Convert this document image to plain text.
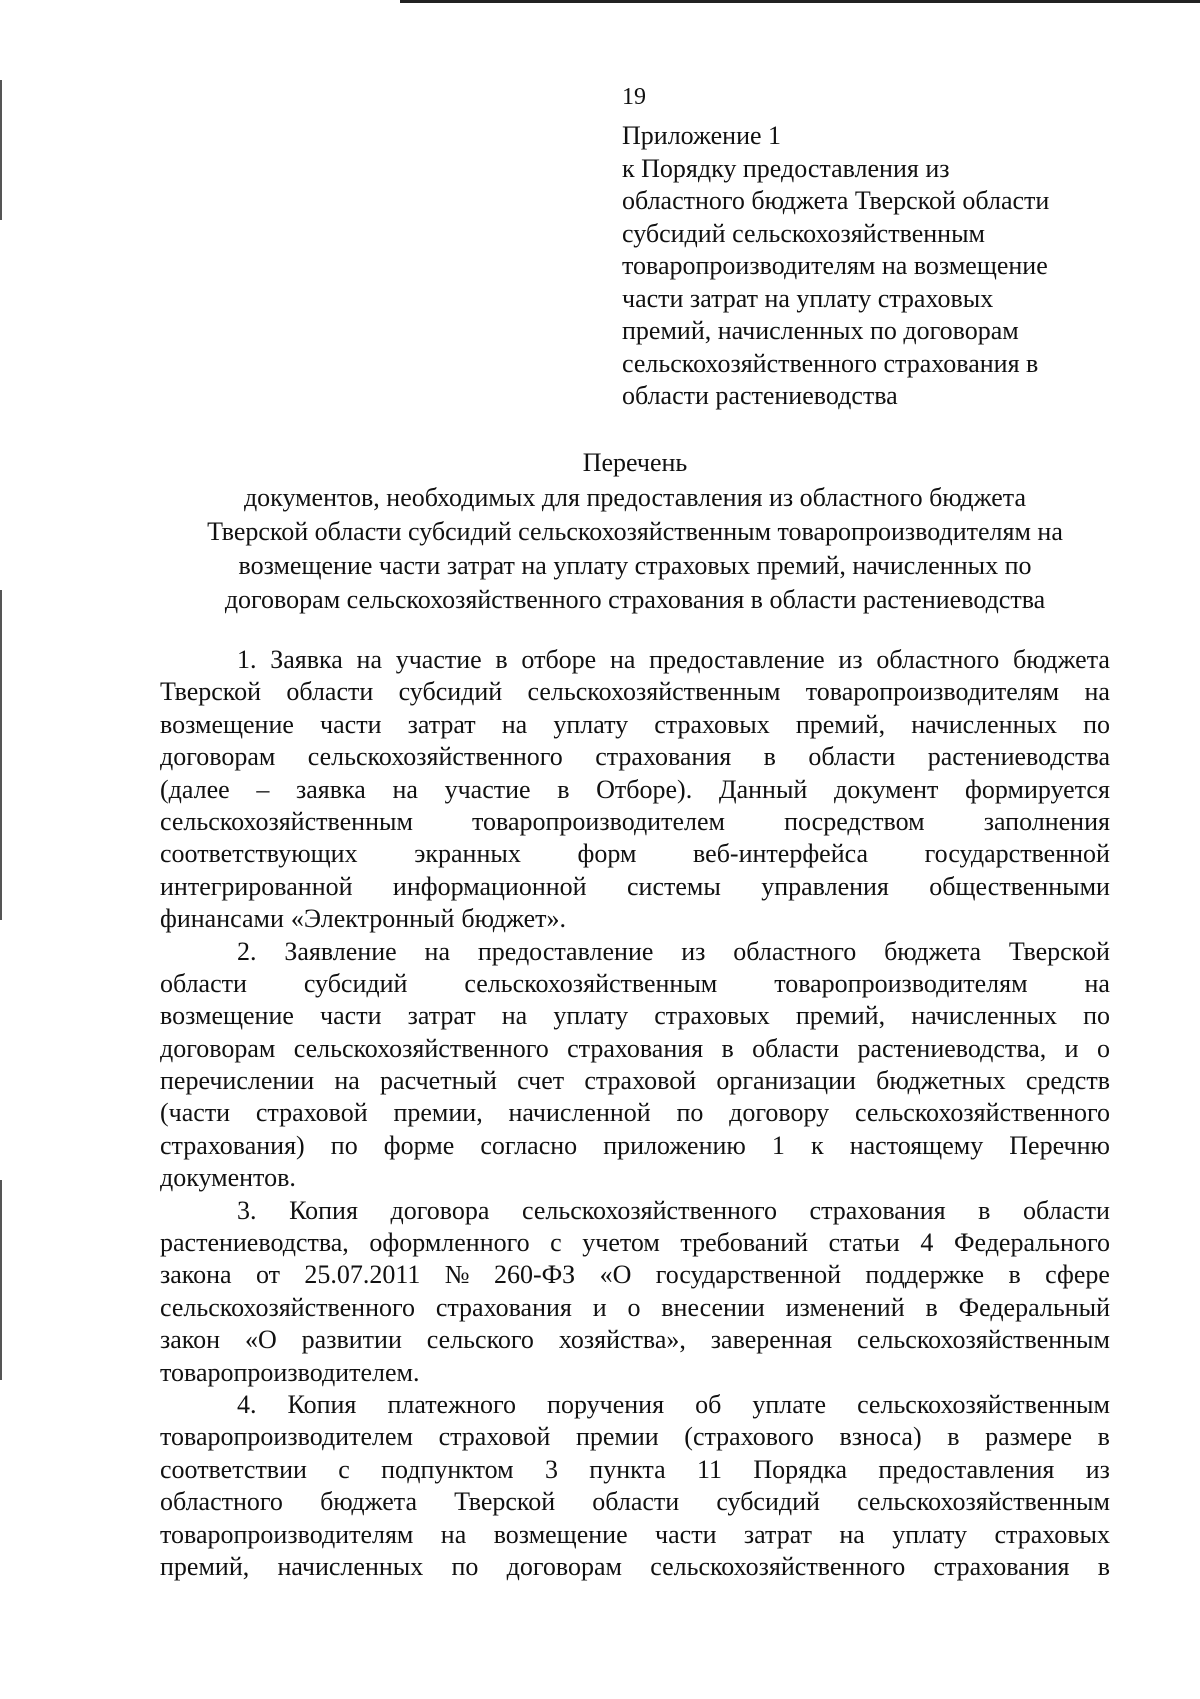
19
Приложение 1
к Порядку предоставления из
областного бюджета Тверской области
субсидий сельскохозяйственным
товаропроизводителям на возмещение
части затрат на уплату страховых
премий, начисленных по договорам
сельскохозяйственного страхования в
области растениеводства
Перечень
документов, необходимых для предоставления из областного бюджета
Тверской области субсидий сельскохозяйственным товаропроизводителям на
возмещение части затрат на уплату страховых премий, начисленных по
договорам сельскохозяйственного страхования в области растениеводства
1. Заявка на участие в отборе на предоставление из областного бюджета
Тверской области субсидий сельскохозяйственным товаропроизводителям на
возмещение части затрат на уплату страховых премий, начисленных по
договорам сельскохозяйственного страхования в области растениеводства
(далее – заявка на участие в Отборе). Данный документ формируется
сельскохозяйственным товаропроизводителем посредством заполнения
соответствующих экранных форм веб-интерфейса государственной
интегрированной информационной системы управления общественными
финансами «Электронный бюджет».
2. Заявление на предоставление из областного бюджета Тверской
области субсидий сельскохозяйственным товаропроизводителям на
возмещение части затрат на уплату страховых премий, начисленных по
договорам сельскохозяйственного страхования в области растениеводства, и о
перечислении на расчетный счет страховой организации бюджетных средств
(части страховой премии, начисленной по договору сельскохозяйственного
страхования) по форме согласно приложению 1 к настоящему Перечню
документов.
3. Копия договора сельскохозяйственного страхования в области
растениеводства, оформленного с учетом требований статьи 4 Федерального
закона от 25.07.2011 № 260-ФЗ «О государственной поддержке в сфере
сельскохозяйственного страхования и о внесении изменений в Федеральный
закон «О развитии сельского хозяйства», заверенная сельскохозяйственным
товаропроизводителем.
4. Копия платежного поручения об уплате сельскохозяйственным
товаропроизводителем страховой премии (страхового взноса) в размере в
соответствии с подпунктом 3 пункта 11 Порядка предоставления из
областного бюджета Тверской области субсидий сельскохозяйственным
товаропроизводителям на возмещение части затрат на уплату страховых
премий, начисленных по договорам сельскохозяйственного страхования в
